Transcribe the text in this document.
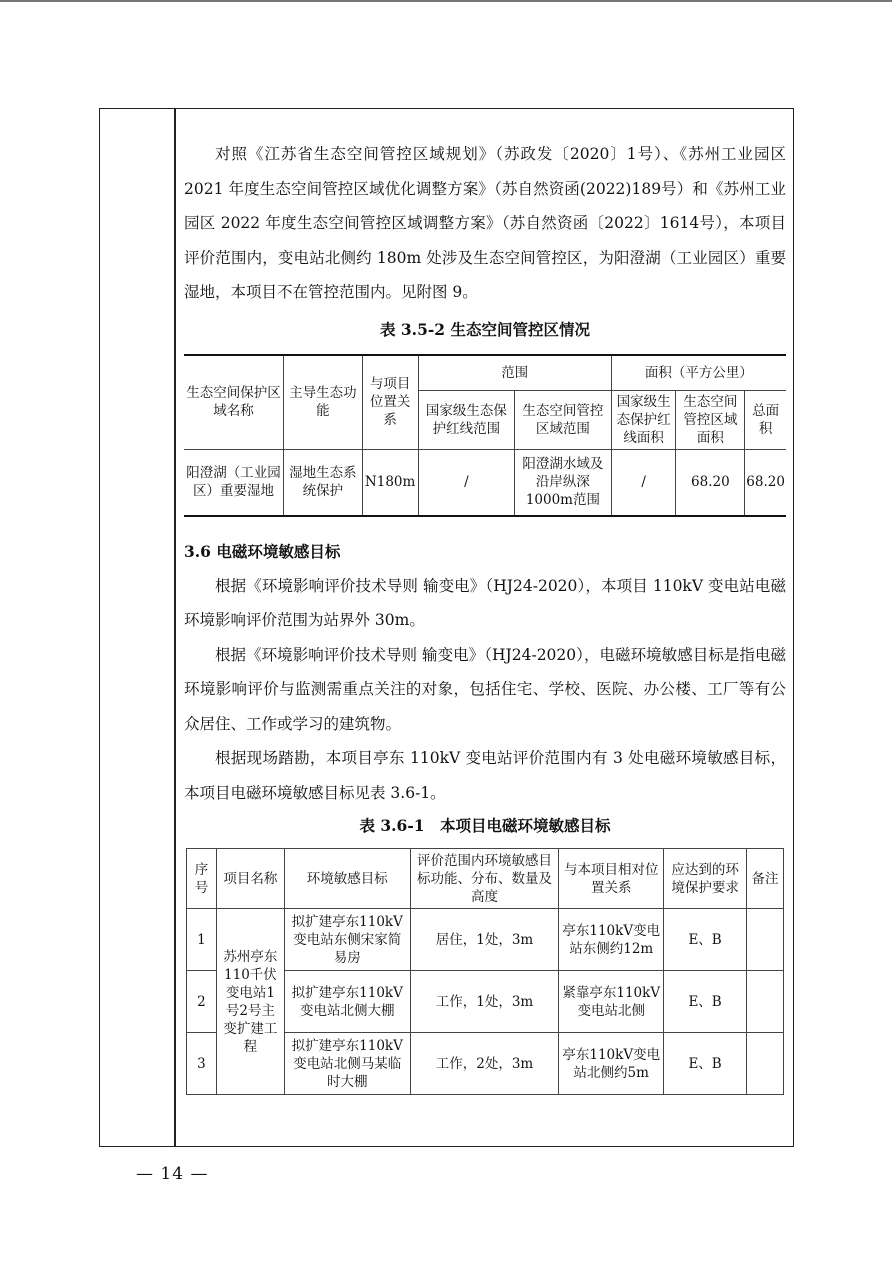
对照《江苏省生态空间管控区域规划》（苏政发〔2020〕1号）、《苏州工业园区 2021 年度生态空间管控区域优化调整方案》（苏自然资函(2022)189号）和《苏州工业园区 2022 年度生态空间管控区域调整方案》（苏自然资函〔2022〕1614号），本项目评价范围内，变电站北侧约 180m 处涉及生态空间管控区，为阳澄湖（工业园区）重要湿地，本项目不在管控范围内。见附图 9。

表 3.5-2 生态空间管控区情况
生态空间保护区域名称	主导生态功能	与项目位置关系	范围		面积（平方公里）		
			国家级生态保护红线范围	生态空间管控区域范围	国家级生态保护红线面积	生态空间管控区域面积	总面积
阳澄湖（工业园区）重要湿地	湿地生态系统保护	N180m	/	阳澄湖水域及沿岸纵深1000m范围	/	68.20	68.20

3.6 电磁环境敏感目标

根据《环境影响评价技术导则 输变电》（HJ24-2020），本项目 110kV 变电站电磁环境影响评价范围为站界外 30m。

根据《环境影响评价技术导则 输变电》（HJ24-2020），电磁环境敏感目标是指电磁环境影响评价与监测需重点关注的对象，包括住宅、学校、医院、办公楼、工厂等有公众居住、工作或学习的建筑物。

根据现场踏勘，本项目亭东 110kV 变电站评价范围内有 3 处电磁环境敏感目标，本项目电磁环境敏感目标见表 3.6-1。

表 3.6-1　本项目电磁环境敏感目标
序号	项目名称	环境敏感目标	评价范围内环境敏感目标功能、分布、数量及高度	与本项目相对位置关系	应达到的环境保护要求	备注
1	苏州亭东110千伏变电站1号2号主变扩建工程	拟扩建亭东110kV变电站东侧宋家简易房	居住，1处，3m	亭东110kV变电站东侧约12m	E、B	
2		拟扩建亭东110kV变电站北侧大棚	工作，1处，3m	紧靠亭东110kV变电站北侧	E、B	
3		拟扩建亭东110kV变电站北侧马某临时大棚	工作，2处，3m	亭东110kV变电站北侧约5m	E、B	
— 14 —
